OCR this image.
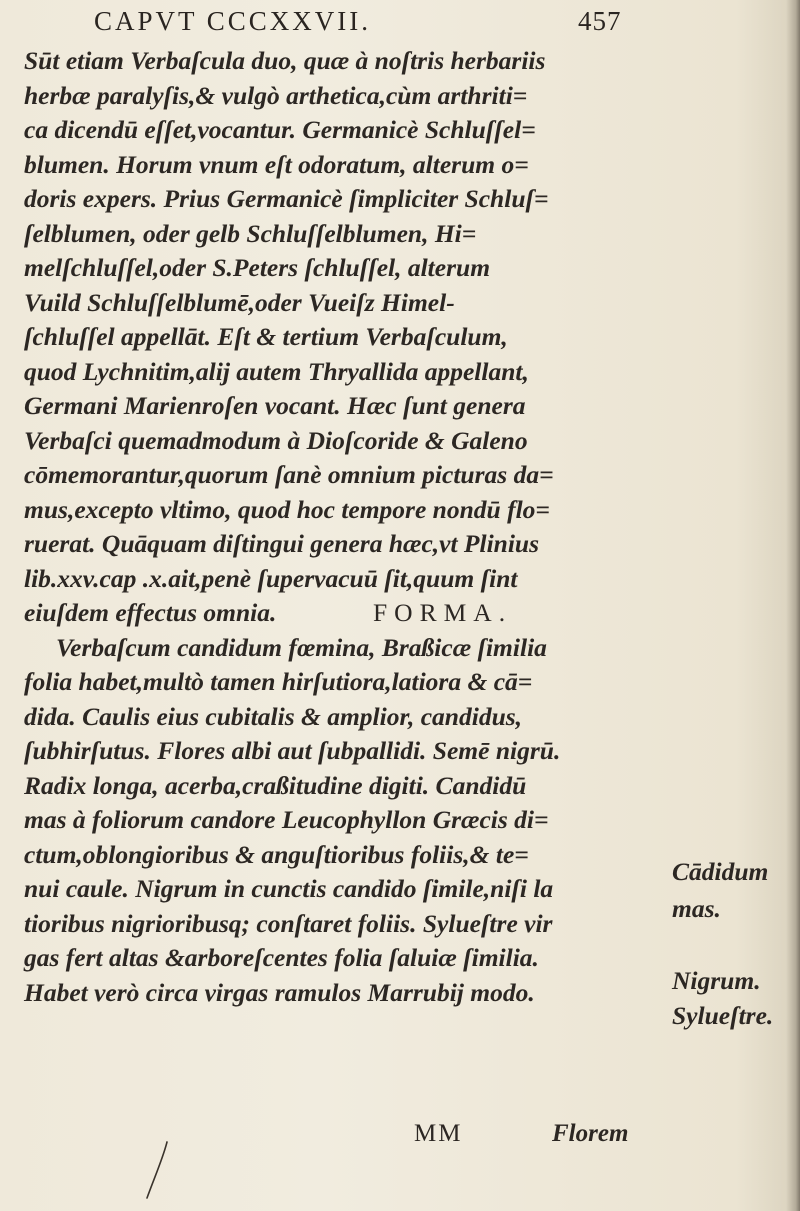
CAPVT CCCXXVII.	457
Sūt etiam Verbaſcula duo, quæ à noſtris herbariis
herbæ paralyſis,& vulgò arthetica,cùm arthriti=
ca dicendū eſſet,vocantur. Germanicè Schluſſel=
blumen. Horum vnum eſt odoratum, alterum o=
doris expers. Prius Germanicè ſimpliciter Schluſ=
ſelblumen, oder gelb Schluſſelblumen, Hi=
melſchluſſel,oder S.Peters ſchluſſel, alterum
Vuild Schluſſelblumē,oder Vueiſz Himel-
ſchluſſel appellāt. Eſt & tertium Verbaſculum,
quod Lychnitim,alij autem Thryallida appellant,
Germani Marienroſen vocant. Hæc ſunt genera
Verbaſci quemadmodum à Dioſcoride & Galeno
cōmemorantur,quorum ſanè omnium picturas da=
mus,excepto vltimo, quod hoc tempore nondū flo=
ruerat. Quāquam diſtingui genera hæc,vt Plinius
lib.xxv.cap .x.ait,penè ſupervacuū ſit,quum ſint
eiuſdem effectus omnia.	FORMA.
Verbaſcum candidum fœmina, Braßicæ ſimilia
folia habet,multò tamen hirſutiora,latiora & cā=
dida. Caulis eius cubitalis & amplior, candidus,
ſubhirſutus. Flores albi aut ſubpallidi. Semē nigrū.
Radix longa, acerba,craßitudine digiti. Candidū
mas à foliorum candore Leucophyllon Græcis di=
ctum,oblongioribus & anguſtioribus foliis,& te=
nui caule. Nigrum in cunctis candido ſimile,niſi la
tioribus nigrioribusq; conſtaret foliis. Sylueſtre vir
gas fert altas &arboreſcentes folia ſaluiæ ſimilia.
Habet verò circa virgas ramulos Marrubij modo.
Cādidum
mas.
Nigrum.
Sylueſtre.
MM	Florem
